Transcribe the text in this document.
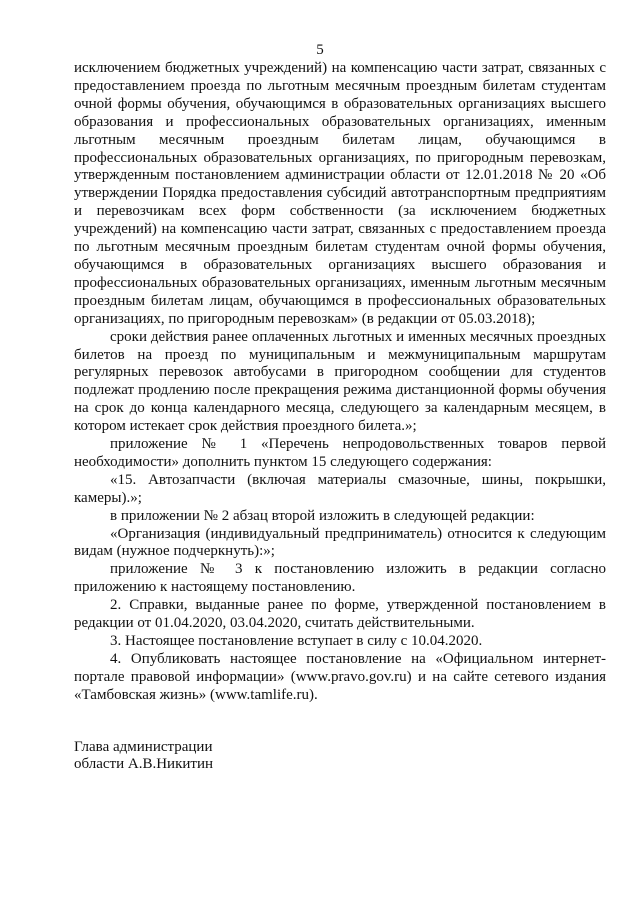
5

исключением бюджетных учреждений) на компенсацию части затрат, связанных с предоставлением проезда по льготным месячным проездным билетам студентам очной формы обучения, обучающимся в образовательных организациях высшего образования и профессиональных образовательных организациях, именным льготным месячным проездным билетам лицам, обучающимся в профессиональных образовательных организациях, по пригородным перевозкам, утвержденным постановлением администрации области от 12.01.2018 № 20 «Об утверждении Порядка предоставления субсидий автотранспортным предприятиям и перевозчикам всех форм собственности (за исключением бюджетных учреждений) на компенсацию части затрат, связанных с предоставлением проезда по льготным месячным проездным билетам студентам очной формы обучения, обучающимся в образовательных организациях высшего образования и профессиональных образовательных организациях, именным льготным месячным проездным билетам лицам, обучающимся в профессиональных образовательных организациях, по пригородным перевозкам» (в редакции от 05.03.2018);

сроки действия ранее оплаченных льготных и именных месячных проездных билетов на проезд по муниципальным и межмуниципальным маршрутам регулярных перевозок автобусами в пригородном сообщении для студентов подлежат продлению после прекращения режима дистанционной формы обучения на срок до конца календарного месяца, следующего за календарным месяцем, в котором истекает срок действия проездного билета.»;

приложение № 1 «Перечень непродовольственных товаров первой необходимости» дополнить пунктом 15 следующего содержания:

«15. Автозапчасти (включая материалы смазочные, шины, покрышки, камеры).»;

в приложении № 2 абзац второй изложить в следующей редакции:

«Организация (индивидуальный предприниматель) относится к следующим видам (нужное подчеркнуть):»;

приложение № 3 к постановлению изложить в редакции согласно приложению к настоящему постановлению.

2. Справки, выданные ранее по форме, утвержденной постановлением в редакции от 01.04.2020, 03.04.2020, считать действительными.

3. Настоящее постановление вступает в силу с 10.04.2020.

4. Опубликовать настоящее постановление на «Официальном интернет-портале правовой информации» (www.pravo.gov.ru) и на сайте сетевого издания «Тамбовская жизнь» (www.tamlife.ru).

Глава администрации
области А.В.Никитин
